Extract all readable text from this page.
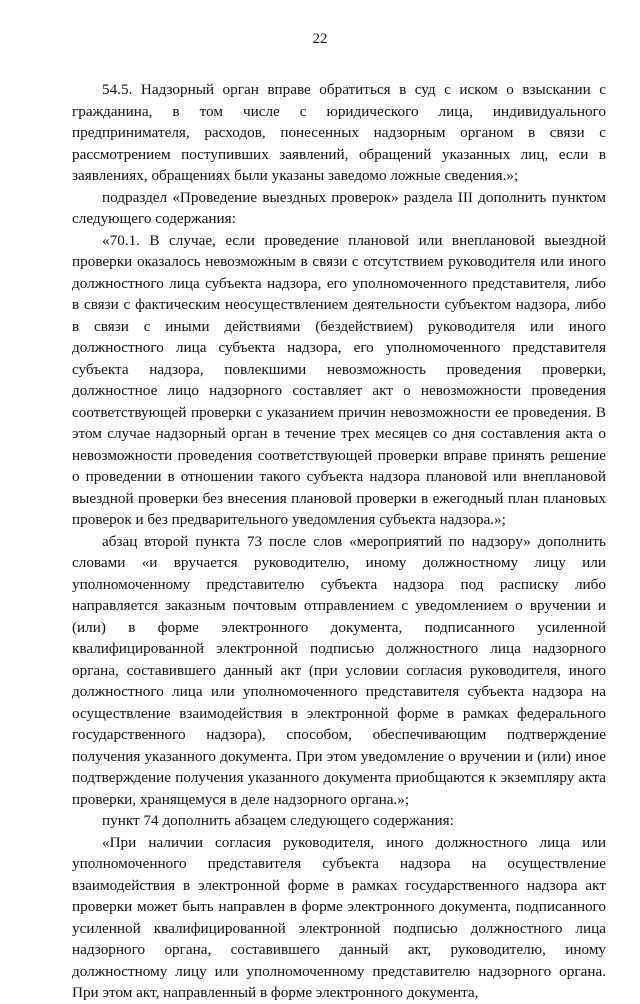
22

54.5. Надзорный орган вправе обратиться в суд с иском о взыскании с гражданина, в том числе с юридического лица, индивидуального предпринимателя, расходов, понесенных надзорным органом в связи с рассмотрением поступивших заявлений, обращений указанных лиц, если в заявлениях, обращениях были указаны заведомо ложные сведения.»;

подраздел «Проведение выездных проверок» раздела III дополнить пунктом следующего содержания:

«70.1. В случае, если проведение плановой или внеплановой выездной проверки оказалось невозможным в связи с отсутствием руководителя или иного должностного лица субъекта надзора, его уполномоченного представителя, либо в связи с фактическим неосуществлением деятельности субъектом надзора, либо в связи с иными действиями (бездействием) руководителя или иного должностного лица субъекта надзора, его уполномоченного представителя субъекта надзора, повлекшими невозможность проведения проверки, должностное лицо надзорного составляет акт о невозможности проведения соответствующей проверки с указанием причин невозможности ее проведения. В этом случае надзорный орган в течение трех месяцев со дня составления акта о невозможности проведения соответствующей проверки вправе принять решение о проведении в отношении такого субъекта надзора плановой или внеплановой выездной проверки без внесения плановой проверки в ежегодный план плановых проверок и без предварительного уведомления субъекта надзора.»;

абзац второй пункта 73 после слов «мероприятий по надзору» дополнить словами «и вручается руководителю, иному должностному лицу или уполномоченному представителю субъекта надзора под расписку либо направляется заказным почтовым отправлением с уведомлением о вручении и (или) в форме электронного документа, подписанного усиленной квалифицированной электронной подписью должностного лица надзорного органа, составившего данный акт (при условии согласия руководителя, иного должностного лица или уполномоченного представителя субъекта надзора на осуществление взаимодействия в электронной форме в рамках федерального государственного надзора), способом, обеспечивающим подтверждение получения указанного документа. При этом уведомление о вручении и (или) иное подтверждение получения указанного документа приобщаются к экземпляру акта проверки, хранящемуся в деле надзорного органа.»;

пункт 74 дополнить абзацем следующего содержания:

«При наличии согласия руководителя, иного должностного лица или уполномоченного представителя субъекта надзора на осуществление взаимодействия в электронной форме в рамках государственного надзора акт проверки может быть направлен в форме электронного документа, подписанного усиленной квалифицированной электронной подписью должностного лица надзорного органа, составившего данный акт, руководителю, иному должностному лицу или уполномоченному представителю надзорного органа. При этом акт, направленный в форме электронного документа,
